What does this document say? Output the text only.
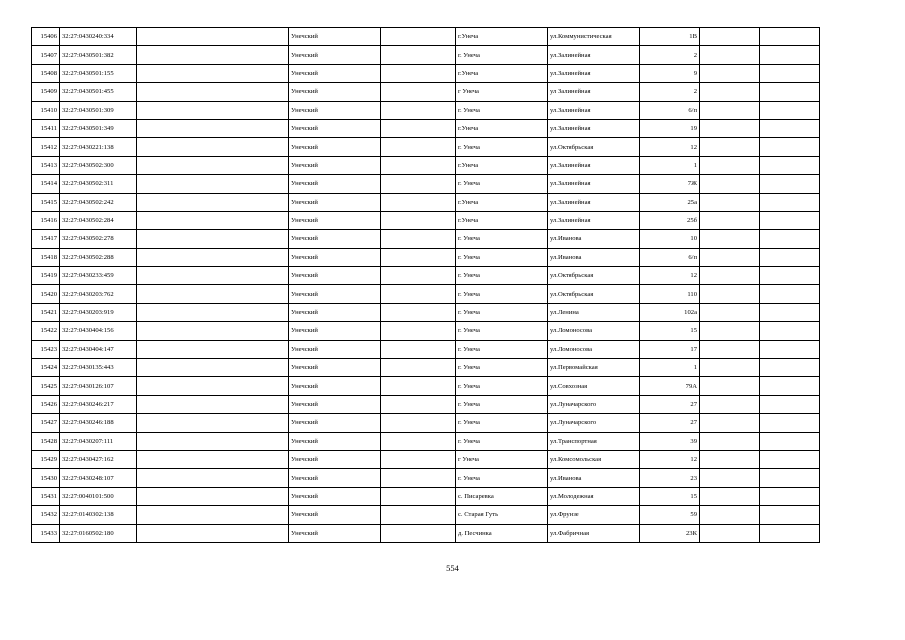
15406	32:27:0430240:334		Унечский		г.Унеча	ул.Коммунистическая	1В		
15407	32:27:0430501:382		Унечский		г. Унеча	ул.Залинейная	2		
15408	32:27:0430501:155		Унечский		г.Унеча	ул.Залинейная	9		
15409	32:27:0430501:455		Унечский		г Унеча	ул Залинейная	2		
15410	32:27:0430501:309		Унечский		г. Унеча	ул.Залинейная	6/п		
15411	32:27:0430501:349		Унечский		г.Унеча	ул.Залинейная	19		
15412	32:27:0430221:138		Унечский		г. Унеча	ул.Октябрьская	12		
15413	32:27:0430502:300		Унечский		г.Унеча	ул.Залинейная	1		
15414	32:27:0430502:311		Унечский		г. Унеча	ул.Залинейная	7Ж		
15415	32:27:0430502:242		Унечский		г.Унеча	ул.Залинейная	25а		
15416	32:27:0430502:284		Унечский		г.Унеча	ул.Залинейная	25б		
15417	32:27:0430502:278		Унечский		г. Унеча	ул.Иванова	10		
15418	32:27:0430502:288		Унечский		г. Унеча	ул.Иванова	6/п		
15419	32:27:0430233:459		Унечский		г. Унеча	ул.Октябрьская	12		
15420	32:27:0430203:762		Унечский		г. Унеча	ул.Октябрьская	110		
15421	32:27:0430203:919		Унечский		г. Унеча	ул.Ленина	102а		
15422	32:27:0430404:156		Унечский		г. Унеча	ул.Ломоносова	15		
15423	32:27:0430404:147		Унечский		г. Унеча	ул.Ломоносова	17		
15424	32:27:0430135:443		Унечский		г. Унеча	ул.Первомайская	1		
15425	32:27:0430126:107		Унечский		г. Унеча	ул.Совхозная	79А		
15426	32:27:0430246:217		Унечский		г. Унеча	ул.Луначарского	27		
15427	32:27:0430246:188		Унечский		г. Унеча	ул.Луначарского	27		
15428	32:27:0430207:111		Унечский		г. Унеча	ул.Транспортная	39		
15429	32:27:0430427:162		Унечский		г Унеча	ул.Комсомольская	12		
15430	32:27:0430248:107		Унечский		г. Унеча	ул.Иванова	23		
15431	32:27:0040101:500		Унечский		с. Писаревка	ул.Молодежная	15		
15432	32:27:0140302:138		Унечский		с. Старая Гуть	ул.Фрунзе	59		
15433	32:27:0160502:180		Унечский		д. Песчинка	ул.Фабричная	23К		
554
